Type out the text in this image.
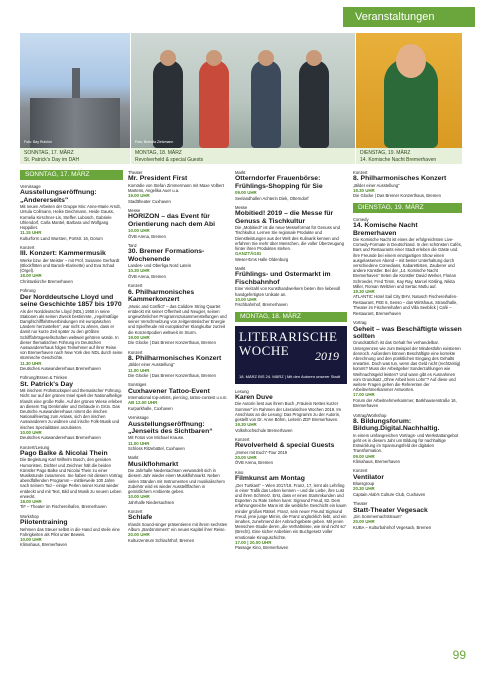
Veranstaltungen
Foto: Bay Rutchin	Foto: Brendla Zietzmann
SONNTAG, 17. MÄRZ
St. Patrick's Day im DAH
MONTAG, 18. MÄRZ
Revolverheld & special Guests
DIENSTAG, 19. MÄRZ
14. Komische Nacht Bremerhaven
SONNTAG, 17. MÄRZ
Vernissage
Ausstellungseröffnung: „Andererseits"
Mit neuen Arbeiten der Gruppe Mix: Anne-Marie Arndt, Ursula Collmann, Heike Deichmann, Heide Gauss, Kornelia Kirschner-Lis, Steffen Lubosch, Gabriele Uhlendorf, Carla Mantel, Barbara und Wolfgang Hoppdiet.
11.15 UHR
Kulturform Land Wursten, Portstr. 16, Dorum
Konzert
III. Konzert: Kammermusik
Werke bzw. der Meister – mit Prof. Susanne Gerhardt (Blockflöten und Barock-Klarinette) und Eva Schad (Orgel).
18.00 UHR
Christuskirche Bremerhaven
Führung
Der Norddeutsche Lloyd und seine Geschichte 1857 bis 1970
Als der Norddeutsche Lloyd (NDL) 1950 in seine Stationen als seinen Zweck bestimmte, „regelmäßige Dampfschifffahrtsverbindungen mit europäischen Ländern herzustellen“, war nicht zu ahnen, dass er damit nur kurze Zeit später zu den größten Schifffahrtsgesellschaften weltweit gehören würde. In dieser thematischen Führung im Deutschen Auswandererhaus folgen Teilnehmer auf ihrer Reise von Bremerhaven nach New York den NDL durch seine stürmische Geschichte.
11.30 UHR
Deutsches Auswandererhaus Bremerhaven
Führung/Essen & Trinken
St. Patrick's Day
Mit irischem Frühstückspiel und thematischer Führung. Nicht nur auf der grünen Insel spielt der Nationalheilige Irlands eine große Rolle. Auf der grünen Wiese erleben an diesem Tag Denkmäler und Gebäude in Grün. Das Deutsche Auswandererhaus nimmt die irischen Nationalfeiertag zum Anlass, sich den irischen Auswanderern zu widmen und irische Folk-Musik und irisches Spezialitäten anzubieten.
10.00 UHR
Deutsches Auswandererhaus Bremerhaven
Konzert/Lesung
Pago Balke & Nicolai Thein
Die Begleitung Karl Wilhelm Busch, den genialen Humoristen, Dichter und Zeichner hält die beiden Künstler Pago Balke und Nicolai Thein zu einer Musikstunde zusammen. Sie haben mit diesem Vortrag abendfüllenden Programm – mittlerweile 100 Jahre nach seinem Tod – einige Perlen seiner Kunst wieder entdeckt und mit Text, Bild und Musik zu neuem Leben erweckt.
18.00 UHR
TiF – Theater im Fischereihafen, Bremerhaven
Workshop
Pilotentraining
Nehmen das Steuer selbst in die Hand und steile eine Fahrigkeiten als Pilot unter Beweis.
10.00 UHR
Klimahaus, Bremerhaven
Theater
Mr. President First
Komödie von Stefan Zimmermann mit Maxe Volbert Martens, Angelika Auer u.a.
19.00 UHR
Stadttheater Cuxhaven
Messe
HORIZON – das Event für Orientierung nach dem Abi
10.00 UHR
ÖVB Arena, Bremen
Tanz
30. Bremer Formations-Wochenende
Landes- und Oberliga Nord Latein
10.30 UHR
ÖVB Arena, Bremen
Konzert
6. Philharmonisches Kammerkonzert
„Music and Conflict“ – das Calidore String Quartet entdeckt mit seiner Offenheit und Neugier, seinen ungewöhnlichen Programmzusammenstellungen und seiner Verschmelzung von zeitgenössischer Energie und Spielfreude mit europäischer Klangkultur zurzeit die Konzertpodien weltweit im Sturm.
19.00 UHR
Die Glocke | Das Bremer Konzerthaus, Bremen
Konzert
8. Philharmonisches Konzert
„Bilder einer Ausstellung“
11.00 UHR
Die Glocke | Das Bremer Konzerthaus, Bremen
Sonstiges
Cuxhavener Tattoo-Event
International top-artists, piercing, tattoo-contest u.v.m.
AB 12.00 UHR
Kurparkhalle, Cuxhaven
Vernissage
Ausstellungseröffnung: „Jenseits des Sichtbaren“
Mit Fotos von Michael Krause.
11.00 UHR
Schloss Ritzebüttel, Cuxhaven
Markt
Musikflohmarkt
Die Jahrhalle Niedersachsen verwandelt sich in diesem Jahr wieder einen Musikflohmarkt. Neben vielen Ständen mit Instrumenten und musikalischem Zubehör wird es wieder Ausstellflächen in gemütlichem Ambiente geben.
10.00 UHR
Jahrhalle Niedersachsen
Konzert
Schlafe
Irlands Sound-singer präsentieren mit ihrem sechsten Album „Bardsnmmers“ ein neues Kapitel ihrer Reise.
20.00 UHR
Kulturzentrum Schlachthof, Bremen
Markt
Otterndorfer Frauenbörse: Frühlings-Shopping für Sie
09.00 UHR
Seelandhallen Achterin Diek, Otterndorf
Messe
Mobitied! 2019 – die Messe für Genuss & Tischkultur
Die „Mobitied!“ ist die neue Messeformat für Genuss und Tischkultur. Lernen Sie regionale Produkte und Dienstleistungen aus der Welt des Kulinarik kennen und erfahren Sie mehr über Menschen, die voller Überzeugung hinter ihren Produkten stehen.
GANZTÄGIG
Weser-Ems Halle Oldenburg
Markt
Frühlings- und Ostermarkt im Fischbahnhof
Eine Vielzahl von Kunsthandwerkern bieten ihre liebevoll handgefertigten Unikate an.
10.00 UHR
Fischbahnhof, Bremerhaven
MONTAG, 18. MÄRZ
LITERARISCHE WOCHE	2019
18. MÄRZ BIS 24. MÄRZ | Mit den Autoren unserer Stadt
Lesung
Karen Duve
Die Autorin liest aus ihrem Buch „Fräulein Nettes kurzer Sommer“ im Rahmen der Literarischen Wochen 2019. Im Anschluss an die Lesung: Das Programm zu der Autorin, gestellt von Dr. Anne Böhm, Leiterin ZDF Bremerhaven.
19.30 UHR
Volkshochschule Bremerhaven
Konzert
Revolverheld & special Guests
„Immer mit Euch“-Tour 2019
20.00 UHR
ÖVB Arena, Bremen
Kino
Filmkunst am Montag
„Der Turtkant“ – Wien 2017/18. Franz, 17, lernt als Lehrling in einer Trafik das Leben kennen – und die Liebe, ihre Lust und ihren Schmerz. Erst, dass er einen Stammkunden und Experten zu Rate ziehen kann: Sigmund Freud, 82. Dem erfahrungsreiche Mann ist die weibliche Geschicht ein kaum minder großes Rätsel. Franz, sein neuer Freund Sigmund Freud, jene junge Mimin, die Franz unglücklich liebt, und ein innahes, zunehmend der Anbruchgebiete geben. Mit jenen Menschen-Studie deren „die Verhältnisse, wie sind nicht so“ (Brecht). Eine sicher Anbebien ein Buchgesetz voller emotionale Kinoguschichte.
17.00 | 20.00 UHR
Passage Kino, Bremerhaven
Konzert
8. Philharmonisches Konzert
„Bilder einer Ausstellung“
19.30 UHR
Die Glocke | Das Bremer Konzerthaus, Bremen
DIENSTAG, 19. MÄRZ
Comedy
14. Komische Nacht Bremerhaven
Die Komische Nacht ist eines der erfolgreichsten Live-Comedy-Formate in Deutschland. In den schönsten Cafés, Bars und Restaurants einer Stadt erleben die Gäste und ihre Freunde bei einem einzigartigen Show einen ausgelassenen Abend – mit bester Unterhaltung durch verschiedene Comedians, Kabarettisten, Zauberer und andere Künstler. Bei der „14. Komische Nacht Bremerhaven“ treten die Künstler David Werker, Florian Schroeder, Fred Timm, Kay Ray, Marcel Kösling, Nikita Miller, Roman Weltzien und Sertac Mutlu auf.
19.30 UHR
ATLANTIC Hotel Sail City BHV, Natusch Fischereihafen-Restaurant, FEE 6, Senso – das Wirtshaus, Strandhalle, Theater im Fischereihafen und Villa Seeblick | Café – Restaurant, Bremerhaven
Vortrag
Geheit – was Beschäftigte wissen sollten
Grundsätzlich ist das Gehalt frei verhandelbar. Untergrenzen wie zum Beispiel der Mindestlohn existieren dennoch. Außerdem können Beschäftigte eine korrekte Abrechnung und den pünktlichen Eingang des Gehalts erwarten. Doch was tun, wenn das Geld nicht (rechtzeitig) kommt? Muss der Arbeitgeber Sonderzahlungen wie Weihnachtsgeld leisten? Und wann gibt es Ausnahmen vom Grundsatz „Ohne Arbeit kein Lohn“? Auf diese und weitere Fragen gehen die Referenten der Arbeitnehmerkammer Antworten.
17.00 UHR
Forum der Arbeitnehmerkammer, Barkhausenstraße 16, Bremerhaven
Vortrag/Workshop
8. Bildungsforum: Bildung.Digital.Nachhaltig.
In einem umfangreichen Vortrags- und Werkstattangebot geht es in diesem Jahr um Bildung für nachhaltige Entwicklung im Spannungsfeld der digitalen Transformation.
09.00 UHR
Klimahaus, Bremerhaven
Konzert
Ventilator
Bluesgroup
20.30 UHR
Captain Alab's Culture Club, Cuxhaven
Theater
Statt-Theater Vegesack
„Ein Sommernachtstraum“
20.00 UHR
KUBA – Kulturbahnhof Vegesack, Bremen
99
